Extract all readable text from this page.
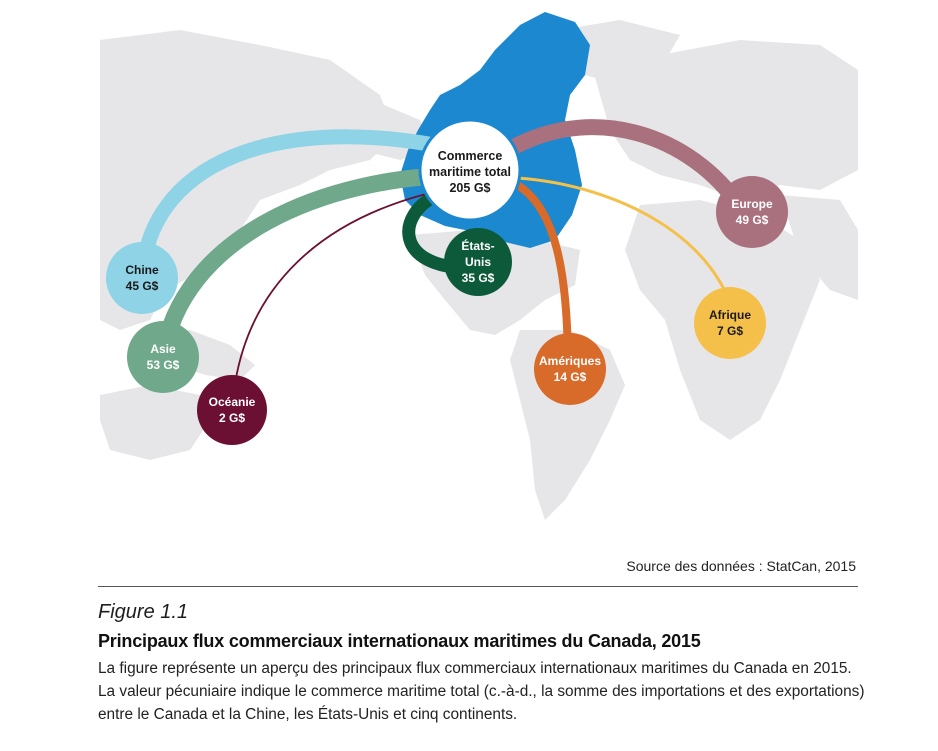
Commerce
maritime total
205 G$
Chine
45 G$
Asie
53 G$
Océanie
2 G$
États-
Unis
35 G$
Amériques
14 G$
Europe
49 G$
Afrique
7 G$
Source des données : StatCan, 2015
Figure 1.1
Principaux flux commerciaux internationaux maritimes du Canada, 2015
La figure représente un aperçu des principaux flux commerciaux internationaux maritimes du Canada en 2015. La valeur pécuniaire indique le commerce maritime total (c.-à-d., la somme des importations et des exportations) entre le Canada et la Chine, les États-Unis et cinq continents.
